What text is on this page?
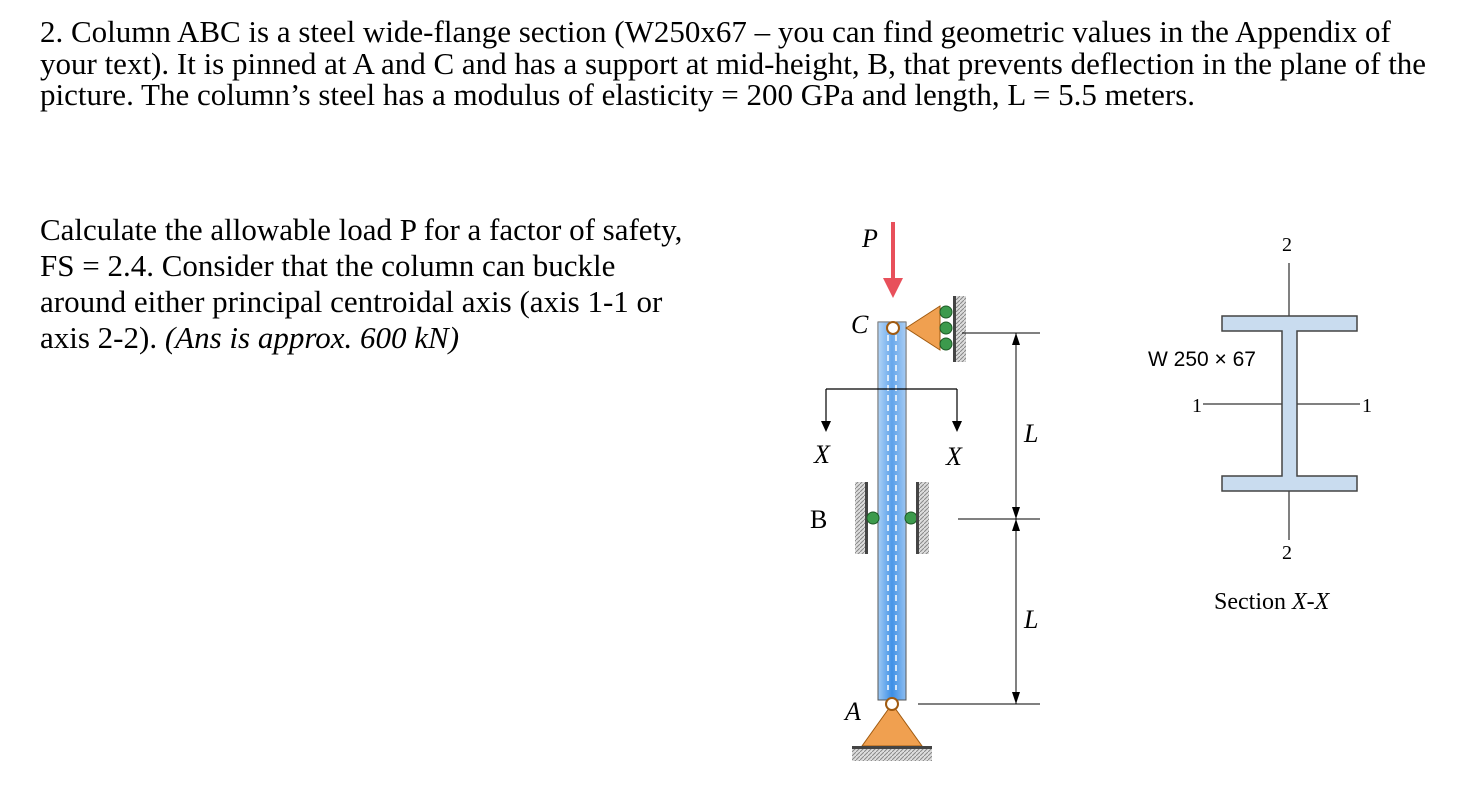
2. Column ABC is a steel wide-flange section (W250x67 – you can find geometric values in the Appendix of your text). It is pinned at A and C and has a support at mid-height, B, that prevents deflection in the plane of the picture. The column’s steel has a modulus of elasticity = 200 GPa and length, L = 5.5 meters.

Calculate the allowable load P for a factor of safety, FS = 2.4. Consider that the column can buckle around either principal centroidal axis (axis 1-1 or axis 2-2). (Ans is approx. 600 kN)

P
C
X	X
B
A
L
L
W 250 × 67
1	1
2
2
Section X-X
